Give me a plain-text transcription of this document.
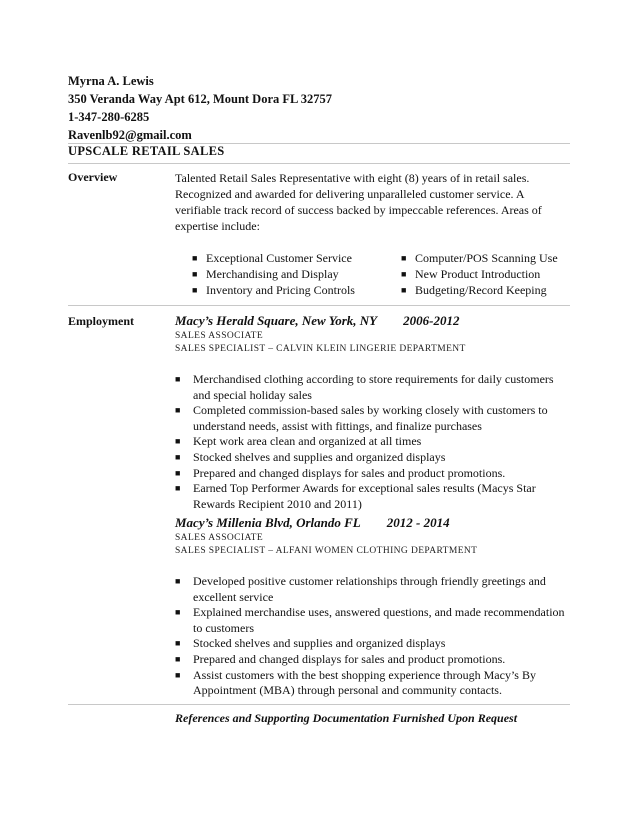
Myrna A. Lewis
350 Veranda Way Apt 612, Mount Dora FL 32757
1-347-280-6285
Ravenlb92@gmail.com
UPSCALE RETAIL SALES
Overview	Talented Retail Sales Representative with eight (8) years of in retail sales. Recognized and awarded for delivering unparalleled customer service. A verifiable track record of success backed by impeccable references. Areas of expertise include:
■ Exceptional Customer Service
■ Merchandising and Display
■ Inventory and Pricing Controls
■ Computer/POS Scanning Use
■ New Product Introduction
■ Budgeting/Record Keeping
Employment	Macy’s Herald Square, New York, NY 2006-2012
SALES ASSOCIATE
SALES SPECIALIST – CALVIN KLEIN LINGERIE DEPARTMENT
■ Merchandised clothing according to store requirements for daily customers and special holiday sales
■ Completed commission-based sales by working closely with customers to understand needs, assist with fittings, and finalize purchases
■ Kept work area clean and organized at all times
■ Stocked shelves and supplies and organized displays
■ Prepared and changed displays for sales and product promotions.
■ Earned Top Performer Awards for exceptional sales results (Macys Star Rewards Recipient 2010 and 2011)
Macy’s Millenia Blvd, Orlando FL 2012 - 2014
SALES ASSOCIATE
SALES SPECIALIST – ALFANI WOMEN CLOTHING DEPARTMENT
■ Developed positive customer relationships through friendly greetings and excellent service
■ Explained merchandise uses, answered questions, and made recommendation to customers
■ Stocked shelves and supplies and organized displays
■ Prepared and changed displays for sales and product promotions.
■ Assist customers with the best shopping experience through Macy’s By Appointment (MBA) through personal and community contacts.
References and Supporting Documentation Furnished Upon Request
